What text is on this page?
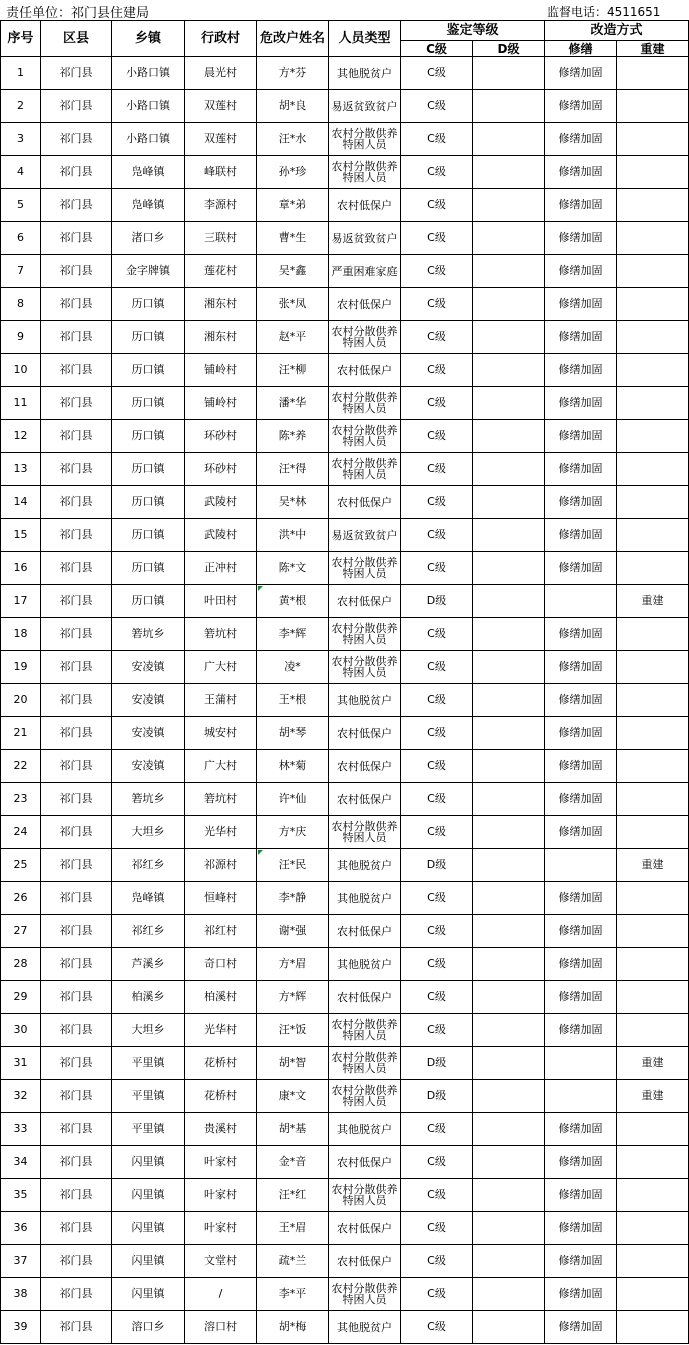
责任单位：祁门县住建局	监督电话：4511651
序号	区县	乡镇	行政村	危改户姓名	人员类型	鉴定等级		改造方式	
						C级	D级	修缮	重建
1	祁门县	小路口镇	晨光村	方*芬	其他脱贫户	C级		修缮加固	
2	祁门县	小路口镇	双莲村	胡*良	易返贫致贫户	C级		修缮加固	
3	祁门县	小路口镇	双莲村	汪*水	农村分散供养特困人员	C级		修缮加固	
4	祁门县	凫峰镇	峰联村	孙*珍	农村分散供养特困人员	C级		修缮加固	
5	祁门县	凫峰镇	李源村	章*弟	农村低保户	C级		修缮加固	
6	祁门县	渚口乡	三联村	曹*生	易返贫致贫户	C级		修缮加固	
7	祁门县	金字牌镇	莲花村	吴*鑫	严重困难家庭	C级		修缮加固	
8	祁门县	历口镇	湘东村	张*凤	农村低保户	C级		修缮加固	
9	祁门县	历口镇	湘东村	赵*平	农村分散供养特困人员	C级		修缮加固	
10	祁门县	历口镇	铺岭村	汪*柳	农村低保户	C级		修缮加固	
11	祁门县	历口镇	铺岭村	潘*华	农村分散供养特困人员	C级		修缮加固	
12	祁门县	历口镇	环砂村	陈*养	农村分散供养特困人员	C级		修缮加固	
13	祁门县	历口镇	环砂村	汪*得	农村分散供养特困人员	C级		修缮加固	
14	祁门县	历口镇	武陵村	吴*林	农村低保户	C级		修缮加固	
15	祁门县	历口镇	武陵村	洪*中	易返贫致贫户	C级		修缮加固	
16	祁门县	历口镇	正冲村	陈*文	农村分散供养特困人员	C级		修缮加固	
17	祁门县	历口镇	叶田村	黄*根	农村低保户	D级			重建
18	祁门县	箬坑乡	箬坑村	李*辉	农村分散供养特困人员	C级		修缮加固	
19	祁门县	安凌镇	广大村	凌*	农村分散供养特困人员	C级		修缮加固	
20	祁门县	安凌镇	王蒲村	王*根	其他脱贫户	C级		修缮加固	
21	祁门县	安凌镇	城安村	胡*琴	农村低保户	C级		修缮加固	
22	祁门县	安凌镇	广大村	林*菊	农村低保户	C级		修缮加固	
23	祁门县	箬坑乡	箬坑村	许*仙	农村低保户	C级		修缮加固	
24	祁门县	大坦乡	光华村	方*庆	农村分散供养特困人员	C级		修缮加固	
25	祁门县	祁红乡	祁源村	汪*民	其他脱贫户	D级			重建
26	祁门县	凫峰镇	恒峰村	李*静	其他脱贫户	C级		修缮加固	
27	祁门县	祁红乡	祁红村	谢*强	农村低保户	C级		修缮加固	
28	祁门县	芦溪乡	奇口村	方*眉	其他脱贫户	C级		修缮加固	
29	祁门县	柏溪乡	柏溪村	方*辉	农村低保户	C级		修缮加固	
30	祁门县	大坦乡	光华村	汪*饭	农村分散供养特困人员	C级		修缮加固	
31	祁门县	平里镇	花桥村	胡*智	农村分散供养特困人员	D级			重建
32	祁门县	平里镇	花桥村	康*文	农村分散供养特困人员	D级			重建
33	祁门县	平里镇	贵溪村	胡*基	其他脱贫户	C级		修缮加固	
34	祁门县	闪里镇	叶家村	金*音	农村低保户	C级		修缮加固	
35	祁门县	闪里镇	叶家村	汪*红	农村分散供养特困人员	C级		修缮加固	
36	祁门县	闪里镇	叶家村	王*眉	农村低保户	C级		修缮加固	
37	祁门县	闪里镇	文堂村	疏*兰	农村低保户	C级		修缮加固	
38	祁门县	闪里镇	/	李*平	农村分散供养特困人员	C级		修缮加固	
39	祁门县	溶口乡	溶口村	胡*梅	其他脱贫户	C级		修缮加固	
